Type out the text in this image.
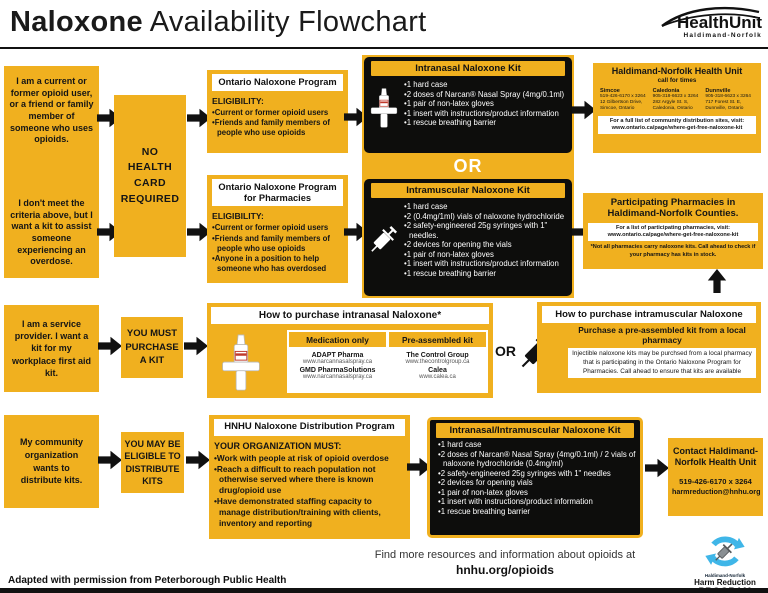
Naloxone Availability Flowchart	HealthUnit
Haldimand-Norfolk
I am a current or former opioid user, or a friend or family member of someone who uses opioids.
I don't meet the criteria above, but I want a kit to assist someone experiencing an overdose.
NO HEALTH CARD REQUIRED
Ontario Naloxone Program
ELIGIBILITY:
• Current or former opioid users
• Friends and family members of people who use opioids
Ontario Naloxone Program for Pharmacies
ELIGIBILITY:
• Current or former opioid users
• Friends and family members of people who use opioids
• Anyone in a position to help someone who has overdosed
Intranasal Naloxone Kit
• 1 hard case
• 2 doses of Narcan® Nasal Spray (4mg/0.1ml)
• 1 pair of non-latex gloves
• 1 insert with instructions/product information
• 1 rescue breathing barrier
OR
Intramuscular Naloxone Kit
• 1 hard case
• 2 (0.4mg/1ml) vials of naloxone hydrochloride
• 2 safety-engineered 25g syringes with 1" needles.
• 2 devices for opening the vials
• 1 pair of non-latex gloves
• 1 insert with instructions/product information
• 1 rescue breathing barrier
Haldimand-Norfolk Health Unit
call for times
Simcoe
519-426-6170 x 3264
12 Gilbertson Drive,
Simcoe, Ontario
Caledonia
905-318-6623 x 3264
282 Argyle St. S,
Caledonia, Ontario
Dunnville
905-318-6623 x 3264
717 Forest St. E,
Dunnville, Ontario
For a full list of community distribution sites, visit:
www.ontario.ca/page/where-get-free-naloxone-kit
Participating Pharmacies in Haldimand-Norfolk Counties.
For a list of participating pharmacies, visit:
www.ontario.ca/page/where-get-free-naloxone-kit
*Not all pharmacies carry naloxone kits. Call ahead to check if your pharmacy has kits in stock.
I am a service provider. I want a kit for my workplace first aid kit.
YOU MUST PURCHASE A KIT
How to purchase intranasal Naloxone*
Medication only	Pre-assembled kit
ADAPT Pharma
www.narcannasalspray.ca
GMD PharmaSolutions
www.narcannasalspray.ca
The Control Group
www.thecontrolgroup.ca
Calea
www.calea.ca
OR
How to purchase intramuscular Naloxone
Purchase a pre-assembled kit from a local pharmacy
Injectible naloxone kits may be purchsed from a local pharmacy that is participating in the Ontario Naloxone Program for Pharmacies. Call ahead to ensure that kits are available
My community organization wants to distribute kits.
YOU MAY BE ELIGIBLE TO DISTRIBUTE KITS
HNHU Naloxone Distribution Program
YOUR ORGANIZATION MUST:
• Work with people at risk of opioid overdose
• Reach a difficult to reach population not otherwise served where there is known drug/opioid use
• Have demonstrated staffing capacity to manage distribution/training with clients, inventory and reporting
Intranasal/Intramuscular Naloxone Kit
• 1 hard case
• 2 doses of Narcan® Nasal Spray (4mg/0.1ml) / 2 vials of naloxone hydrochloride (0.4mg/ml)
• 2 safety-engineered 25g syringes with 1" needles
• 2 devices for opening vials
• 1 pair of non-latex gloves
• 1 insert with instructions/product information
• 1 rescue breathing barrier
Contact Haldimand-Norfolk Health Unit
519-426-6170 x 3264
harmreduction@hnhu.org
Find more resources and information about opioids at
hnhu.org/opioids
Adapted with permission from Peterborough Public Health	Haldimand-Norfolk
Harm Reduction
